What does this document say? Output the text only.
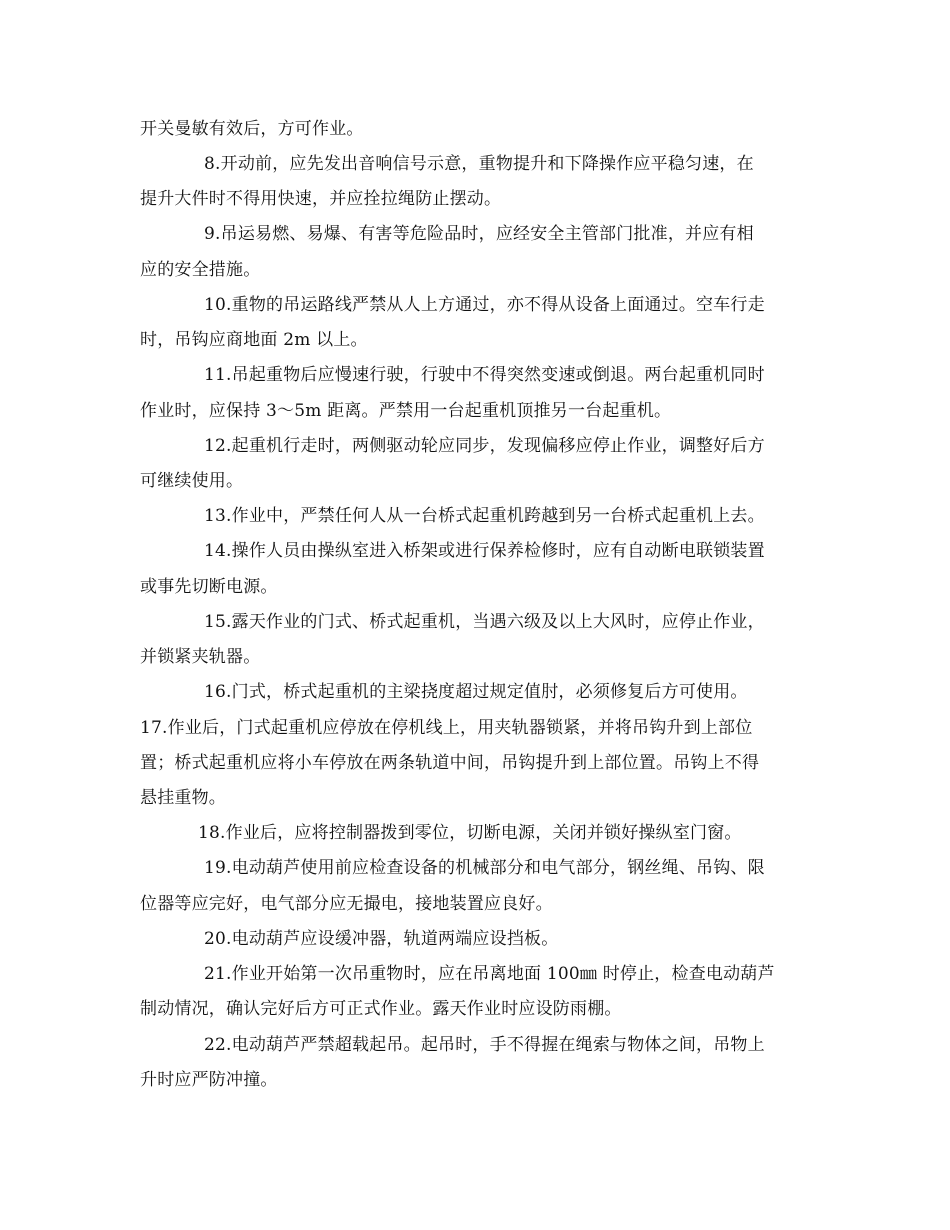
开关曼敏有效后，方可作业。
8.开动前，应先发出音响信号示意，重物提升和下降操作应平稳匀速，在
提升大件时不得用快速，并应拴拉绳防止摆动。
9.吊运易燃、易爆、有害等危险品时，应经安全主管部门批准，并应有相
应的安全措施。
10.重物的吊运路线严禁从人上方通过，亦不得从设备上面通过。空车行走
时，吊钩应商地面 2m 以上。
11.吊起重物后应慢速行驶，行驶中不得突然变速或倒退。两台起重机同时
作业时，应保持 3～5m 距离。严禁用一台起重机顶推另一台起重机。
12.起重机行走时，两侧驱动轮应同步，发现偏移应停止作业，调整好后方
可继续使用。
13.作业中，严禁任何人从一台桥式起重机跨越到另一台桥式起重机上去。
14.操作人员由操纵室进入桥架或进行保养检修时，应有自动断电联锁装置
或事先切断电源。
15.露天作业的门式、桥式起重机，当遇六级及以上大风时，应停止作业，
并锁紧夹轨器。
16.门式，桥式起重机的主梁挠度超过规定值肘，必须修复后方可使用。
17.作业后，门式起重机应停放在停机线上，用夹轨器锁紧，并将吊钩升到上部位
置；桥式起重机应将小车停放在两条轨道中间，吊钩提升到上部位置。吊钩上不得
悬挂重物。
18.作业后，应将控制器拨到零位，切断电源，关闭并锁好操纵室门窗。
19.电动葫芦使用前应检查设备的机械部分和电气部分，钢丝绳、吊钩、限
位器等应完好，电气部分应无撮电，接地装置应良好。
20.电动葫芦应设缓冲器，轨道两端应设挡板。
21.作业开始第一次吊重物时，应在吊离地面 100㎜ 时停止，检查电动葫芦
制动情况，确认完好后方可正式作业。露天作业时应设防雨棚。
22.电动葫芦严禁超载起吊。起吊时，手不得握在绳索与物体之间，吊物上
升时应严防冲撞。
